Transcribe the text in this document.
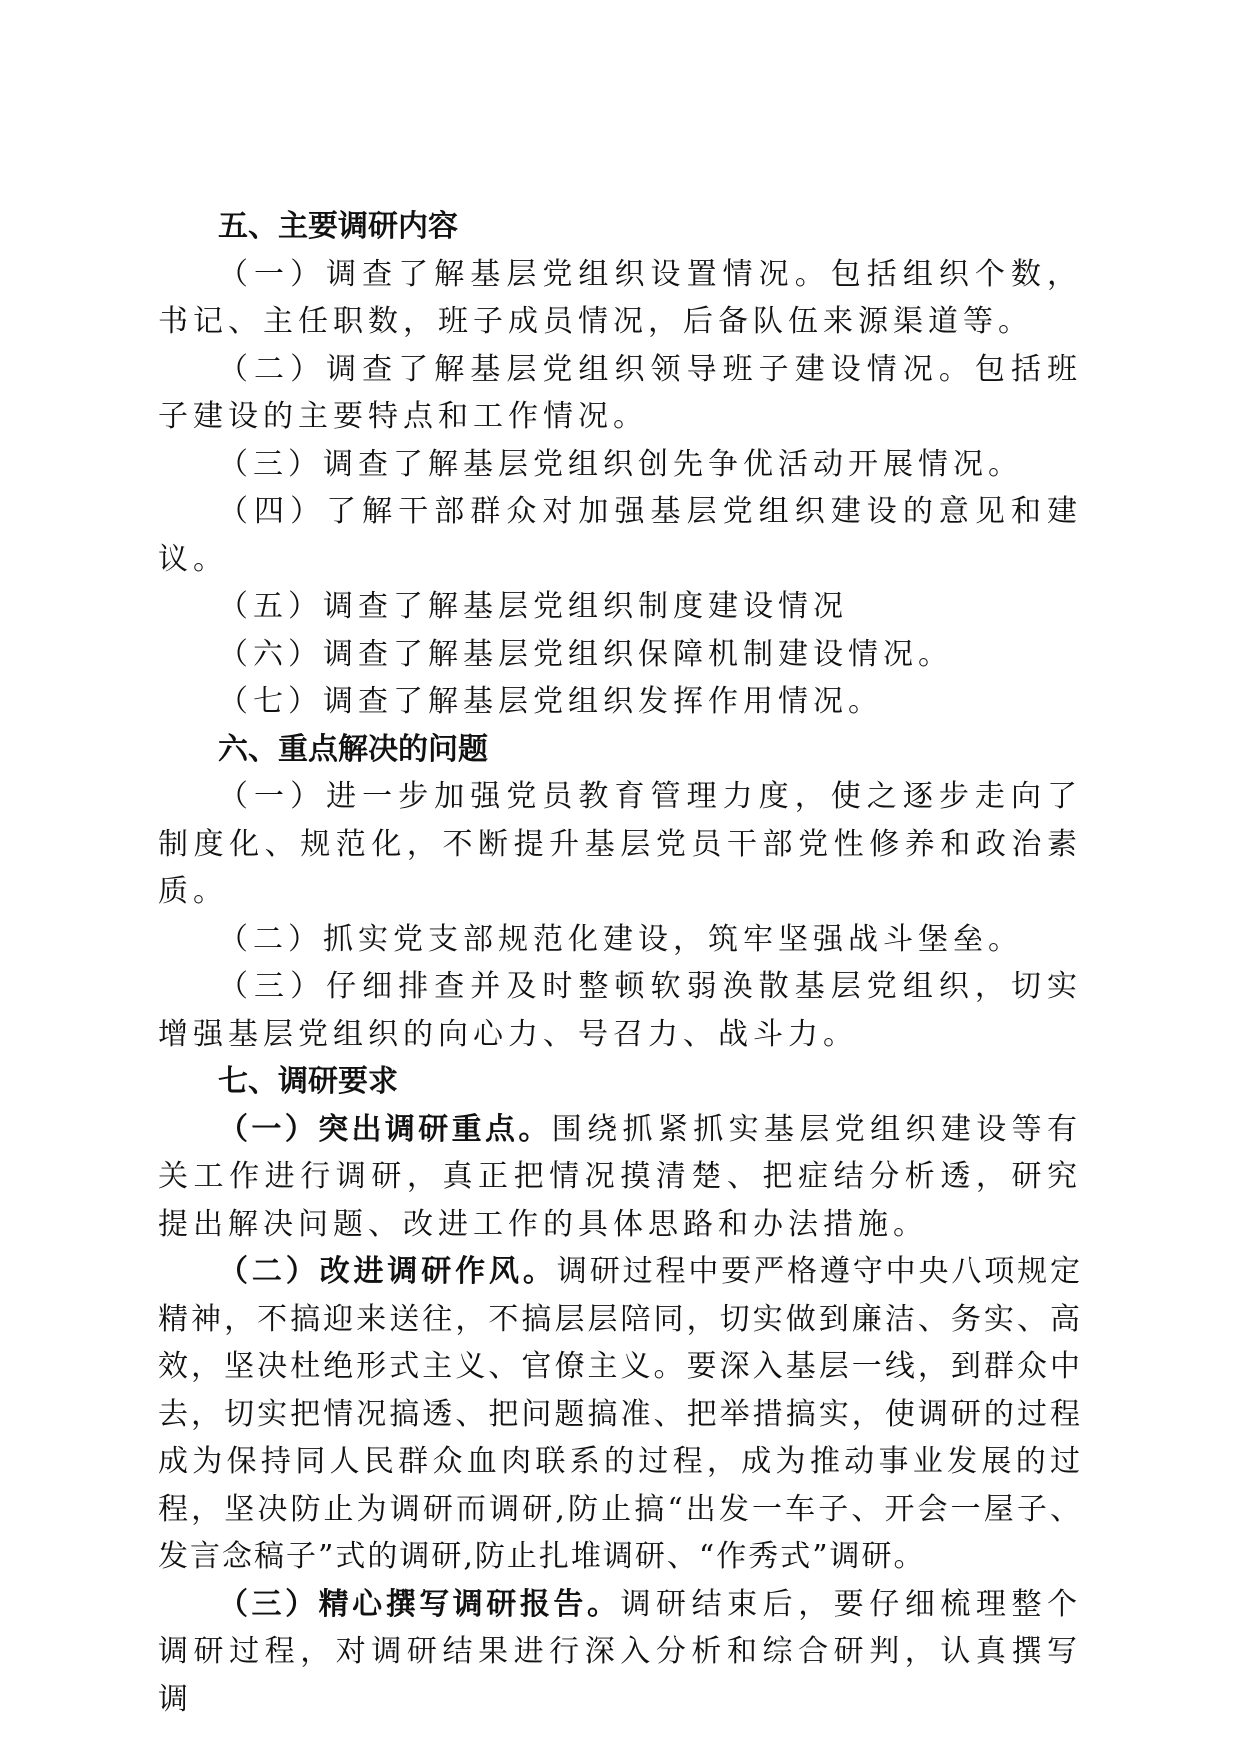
五、主要调研内容

（一）调查了解基层党组织设置情况。包括组织个数，书记、主任职数，班子成员情况，后备队伍来源渠道等。

（二）调查了解基层党组织领导班子建设情况。包括班子建设的主要特点和工作情况。

（三）调查了解基层党组织创先争优活动开展情况。

（四）了解干部群众对加强基层党组织建设的意见和建议。

（五）调查了解基层党组织制度建设情况

（六）调查了解基层党组织保障机制建设情况。

（七）调查了解基层党组织发挥作用情况。

六、重点解决的问题

（一）进一步加强党员教育管理力度，使之逐步走向了制度化、规范化，不断提升基层党员干部党性修养和政治素质。

（二）抓实党支部规范化建设，筑牢坚强战斗堡垒。

（三）仔细排查并及时整顿软弱涣散基层党组织，切实增强基层党组织的向心力、号召力、战斗力。

七、调研要求

（一）突出调研重点。围绕抓紧抓实基层党组织建设等有关工作进行调研，真正把情况摸清楚、把症结分析透，研究提出解决问题、改进工作的具体思路和办法措施。

（二）改进调研作风。调研过程中要严格遵守中央八项规定精神，不搞迎来送往，不搞层层陪同，切实做到廉洁、务实、高效，坚决杜绝形式主义、官僚主义。要深入基层一线，到群众中去，切实把情况搞透、把问题搞准、把举措搞实，使调研的过程成为保持同人民群众血肉联系的过程，成为推动事业发展的过程，坚决防止为调研而调研,防止搞“出发一车子、开会一屋子、发言念稿子”式的调研,防止扎堆调研、“作秀式”调研。

（三）精心撰写调研报告。调研结束后，要仔细梳理整个调研过程，对调研结果进行深入分析和综合研判，认真撰写调
